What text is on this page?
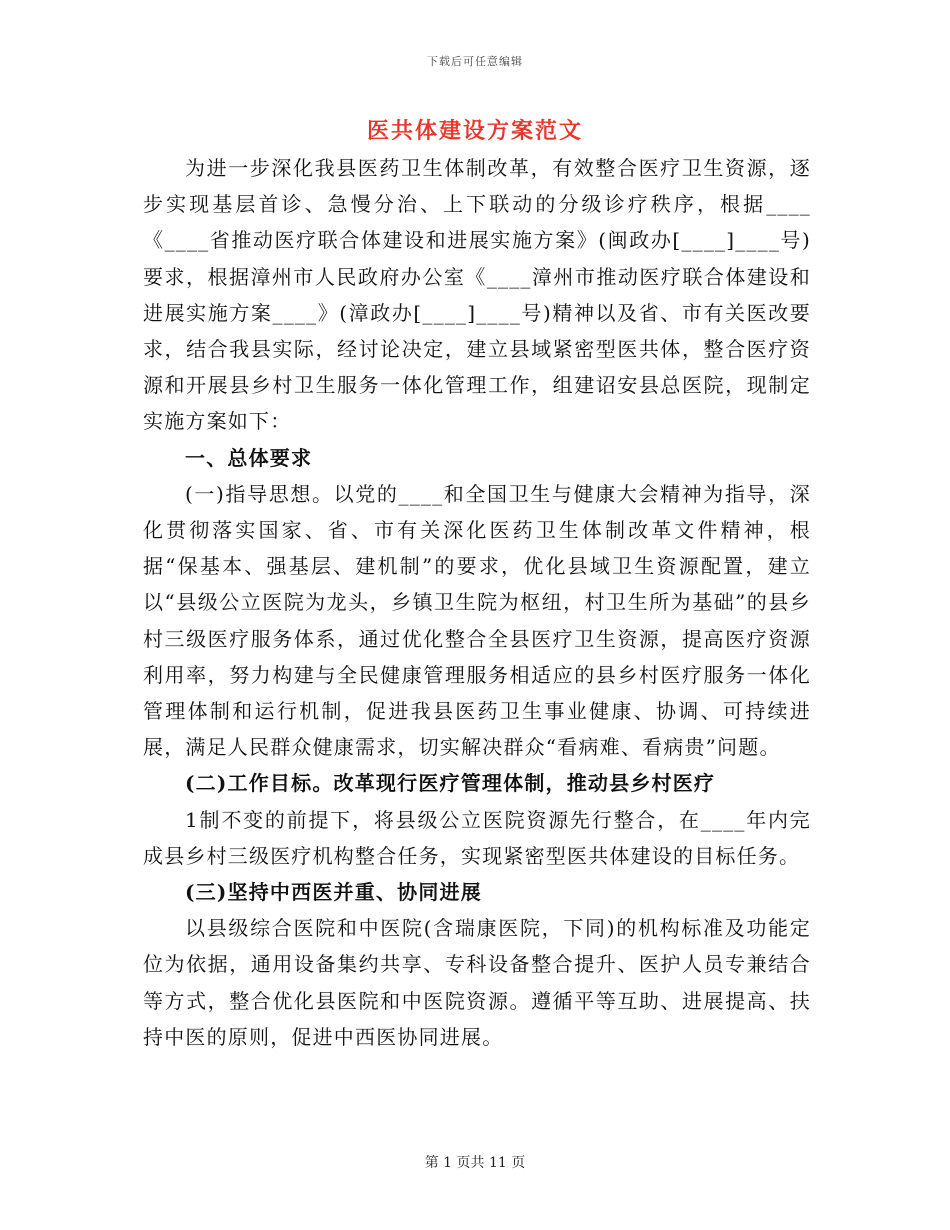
下载后可任意编辑
医共体建设方案范文

为进一步深化我县医药卫生体制改革，有效整合医疗卫生资源，逐步实现基层首诊、急慢分治、上下联动的分级诊疗秩序，根据____《____省推动医疗联合体建设和进展实施方案》(闽政办[____]____号)要求，根据漳州市人民政府办公室《____漳州市推动医疗联合体建设和进展实施方案____》(漳政办[____]____号)精神以及省、市有关医改要求，结合我县实际，经讨论决定，建立县域紧密型医共体，整合医疗资源和开展县乡村卫生服务一体化管理工作，组建诏安县总医院，现制定实施方案如下：

一、总体要求

(一)指导思想。以党的____和全国卫生与健康大会精神为指导，深化贯彻落实国家、省、市有关深化医药卫生体制改革文件精神，根据“保基本、强基层、建机制”的要求，优化县域卫生资源配置，建立以“县级公立医院为龙头，乡镇卫生院为枢纽，村卫生所为基础”的县乡村三级医疗服务体系，通过优化整合全县医疗卫生资源，提高医疗资源利用率，努力构建与全民健康管理服务相适应的县乡村医疗服务一体化管理体制和运行机制，促进我县医药卫生事业健康、协调、可持续进展，满足人民群众健康需求，切实解决群众“看病难、看病贵”问题。

(二)工作目标。改革现行医疗管理体制，推动县乡村医疗

1制不变的前提下，将县级公立医院资源先行整合，在____年内完成县乡村三级医疗机构整合任务，实现紧密型医共体建设的目标任务。

(三)坚持中西医并重、协同进展

以县级综合医院和中医院(含瑞康医院，下同)的机构标准及功能定位为依据，通用设备集约共享、专科设备整合提升、医护人员专兼结合等方式，整合优化县医院和中医院资源。遵循平等互助、进展提高、扶持中医的原则，促进中西医协同进展。

第 1 页共 11 页
